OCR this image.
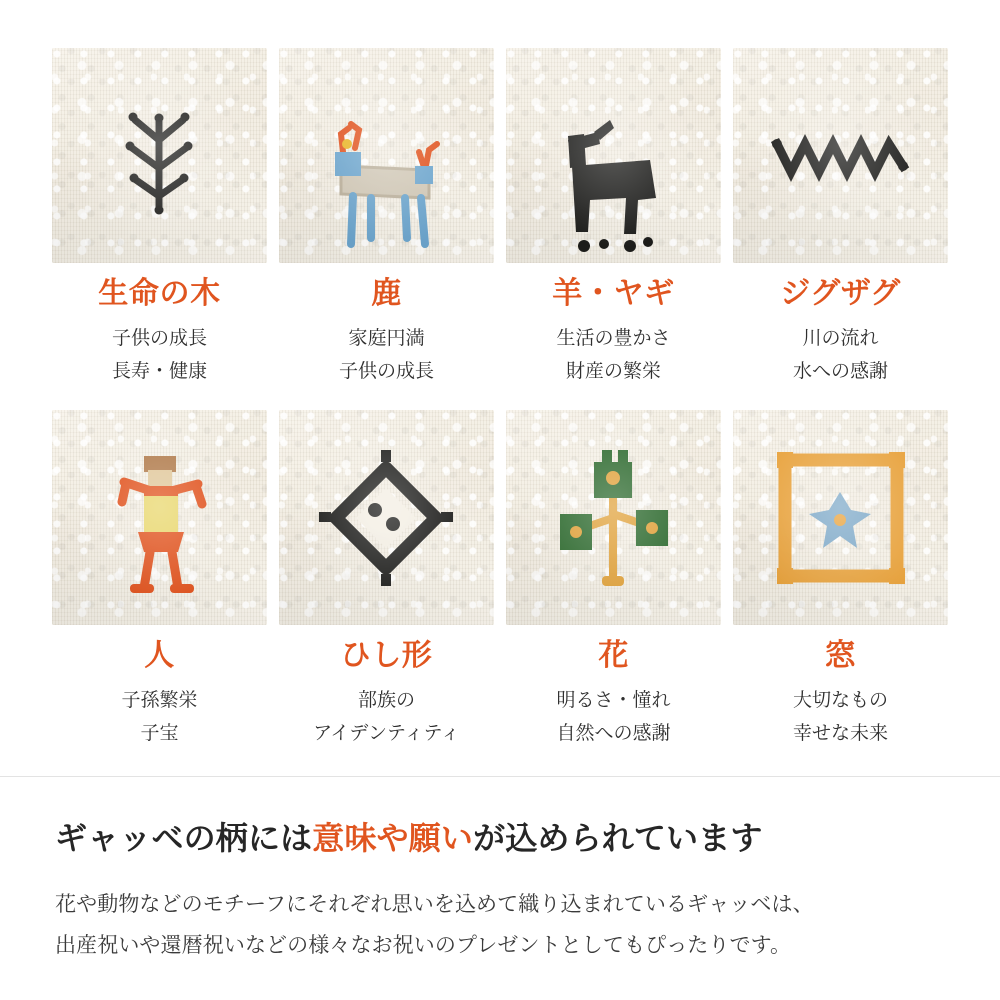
生命の木
子供の成長
長寿・健康
鹿
家庭円満
子供の成長
羊・ヤギ
生活の豊かさ
財産の繁栄
ジグザグ
川の流れ
水への感謝
人
子孫繁栄
子宝
ひし形
部族の
アイデンティティ
花
明るさ・憧れ
自然への感謝
窓
大切なもの
幸せな未来
ギャッベの柄には意味や願いが込められています
花や動物などのモチーフにそれぞれ思いを込めて織り込まれているギャッベは、
出産祝いや還暦祝いなどの様々なお祝いのプレゼントとしてもぴったりです。
